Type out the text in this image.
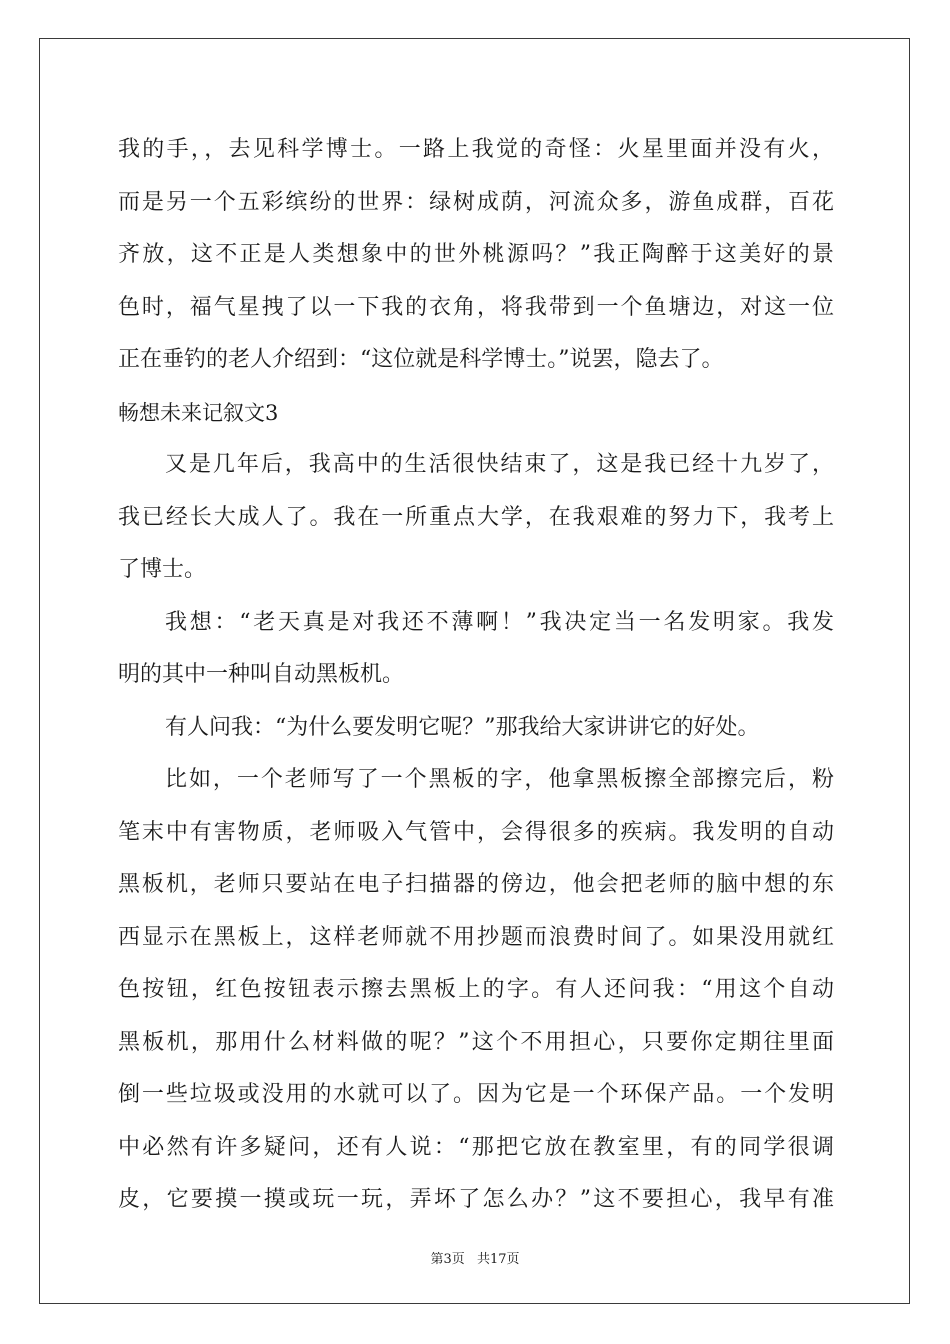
我的手，，去见科学博士。一路上我觉的奇怪：火星里面并没有火，
而是另一个五彩缤纷的世界：绿树成荫，河流众多，游鱼成群，百花
齐放，这不正是人类想象中的世外桃源吗？”我正陶醉于这美好的景
色时，福气星拽了以一下我的衣角，将我带到一个鱼塘边，对这一位
正在垂钓的老人介绍到：“这位就是科学博士。”说罢，隐去了。
畅想未来记叙文3
又是几年后，我高中的生活很快结束了，这是我已经十九岁了，
我已经长大成人了。我在一所重点大学，在我艰难的努力下，我考上
了博士。
我想：“老天真是对我还不薄啊！”我决定当一名发明家。我发
明的其中一种叫自动黑板机。
有人问我：“为什么要发明它呢？”那我给大家讲讲它的好处。
比如，一个老师写了一个黑板的字，他拿黑板擦全部擦完后，粉
笔末中有害物质，老师吸入气管中，会得很多的疾病。我发明的自动
黑板机，老师只要站在电子扫描器的傍边，他会把老师的脑中想的东
西显示在黑板上，这样老师就不用抄题而浪费时间了。如果没用就红
色按钮，红色按钮表示擦去黑板上的字。有人还问我：“用这个自动
黑板机，那用什么材料做的呢？”这个不用担心，只要你定期往里面
倒一些垃圾或没用的水就可以了。因为它是一个环保产品。一个发明
中必然有许多疑问，还有人说：“那把它放在教室里，有的同学很调
皮，它要摸一摸或玩一玩，弄坏了怎么办？”这不要担心，我早有准
第3页 共17页
